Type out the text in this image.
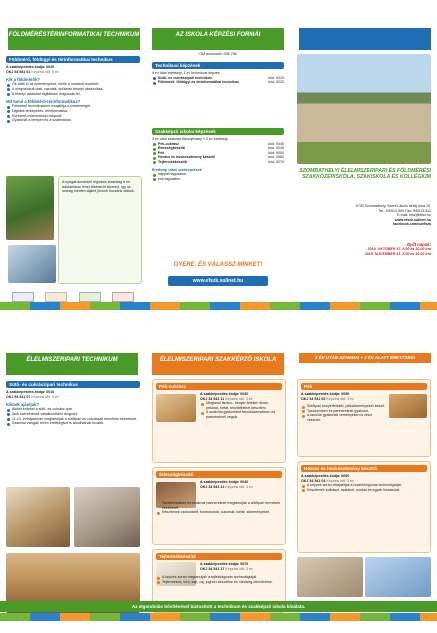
FÖLDMÉRÉSTÉRINFORMATIKAI TECHNIKUM
Földmérő, földügyi és térinformatikai technikus
A szakképesítés kódja: 0020
OKJ 54 581 01 Képzési idő: 5 év
Kik a földmérők?
Ők tűzik ki az építményeket, mérik a mutatott részletet.
A megvalósult utak, vasutak, épületek térképi ábrázolása.
A térképi adatokat digitálisan dolgozzák fel.
Mit tanul a földmérő-térinformatikus?
Földmérő technikusként elsajátítja a mesterséget.
Digitális térképezés, térinformatika.
Korszerű műszerekkel dolgozik.
Gyakorlat a terepen és a szakmában.
A nyugat-dunántúli régióban kizárólag a mi iskolánkban lehet földmérőt képezni, így az ország minden tájáról jönnek hozzánk diákok.
AZ ISKOLA KÉPZÉSI FORMÁI
OM azonosító: 036 756
Technikusi képzések
4 év után érettségi, 1 év technikusi képzés.
Sütő- és cukrászipari technikus	kód: 0010
Földmérő, földügyi és térinformatikai technikus	kód: 0020
Szakképző iskolai képzések
3 év után szakmai bizonyítvány + 2 év érettségi
Pék-cukrász	kód: 0030
Édességkészítő	kód: 0040
Pék	kód: 0050
Hentes és húskészítmény készítő	kód: 0060
Tejtermékkészítő	kód: 0070
Érettségi utáni szakképzések
nappali tagozaton
esti tagozaton
GYERE, ÉS VÁLASSZ MINKET!
www.efszk.sulinet.hu
BEISKOLÁZÁSI TÁJÉKOZTATÓ
SZOMBATHELYI ÉLELMISZERIPARI ÉS FÖLDMÉRÉSI SZAKKÖZÉPISKOLA, SZAKISKOLA ÉS KOLLÉGIUM
9700 Szombathely, Szent László király utca 10.
Tel.: 94/513-500 Fax: 94/513-511
E-mail: efsz@efsz.hu
www.efszk.sulinet.hu
facebook.com/szefszk
Nyílt napok:
2019. OKTÓBER 17. 8.00 és 10.00 óra
2019. NOVEMBER 21. 8.00 és 10.00 óra
ÉLELMISZERIPARI TECHNIKUM
Sütő- és cukrászipari technikus
A szakképesítés kódja: 0010
OKJ 54 541 07 Képzési idő: 5 év
Kiknek ajánljuk?
Akiket érdekel a sütő- és cukrász-ipar.
Akik szeretnének vállalkozóként dolgozni.
11-13. évfolyamban megtanulják a sütőipari és cukrászati termékek készítését.
Szakmai vizsgák révén érettségivel is tanulhatnak tovább.
ÉLELMISZERIPARI SZAKKÉPZŐ ISKOLA
Pék-cukrász
A szakképesítés kódja: 0030
OKJ 34 541 11 Képzési idő: 3 év
Megtanul lisztes-, kenyér-féléket, finom pékárut, tortát, tésztaféléket készíteni.
A szakmai gyakorlatot tanulóüzemekben és partnereknél végzik.
Édességkészítő
A szakképesítés kódja: 0040
OKJ 34 541 12 Képzési idő: 3 év
Tanüzemekben és szakmai partnereknél megtanulják a sütőipari termékek készítését.
Készítenek csokoládét, bonbonokat, cukorkát, tortát, süteményeket.
Tejtermékkészítő
A szakképesítés kódja: 0070
OKJ 34 541 17 Képzési idő: 3 év
A képzés során megtanulják a tejfeldolgozás technológiáját.
Tejtermékek, túró, sajt, vaj, joghurt készítése és minőség-ellenőrzése.
3 ÉV UTÁN SZAKMAI + 2 ÉV ALATT ÉRETTSÉGI SZEREZHETŐ!
Pék
A szakképesítés kódja: 0050
OKJ 34 541 05 Képzési idő: 3 év
Sütőipari kenyérféléket, péksüteményeket készít.
Tanüzemben és partnereknél gyakorol.
A tanulók gyakorlati versenyeken is részt vesznek.
Hentes és húskészítmény készítő
A szakképesítés kódja: 0060
OKJ 34 541 04 Képzési idő: 3 év
A képzés során elsajátítják a húsfeldolgozás technológiáját.
Készítenek kolbászt, szalámit, sonkát és egyéb húsárukat.
Az elgondolás bővítésével biztosított a technikum és szakképző iskola kínálata.
